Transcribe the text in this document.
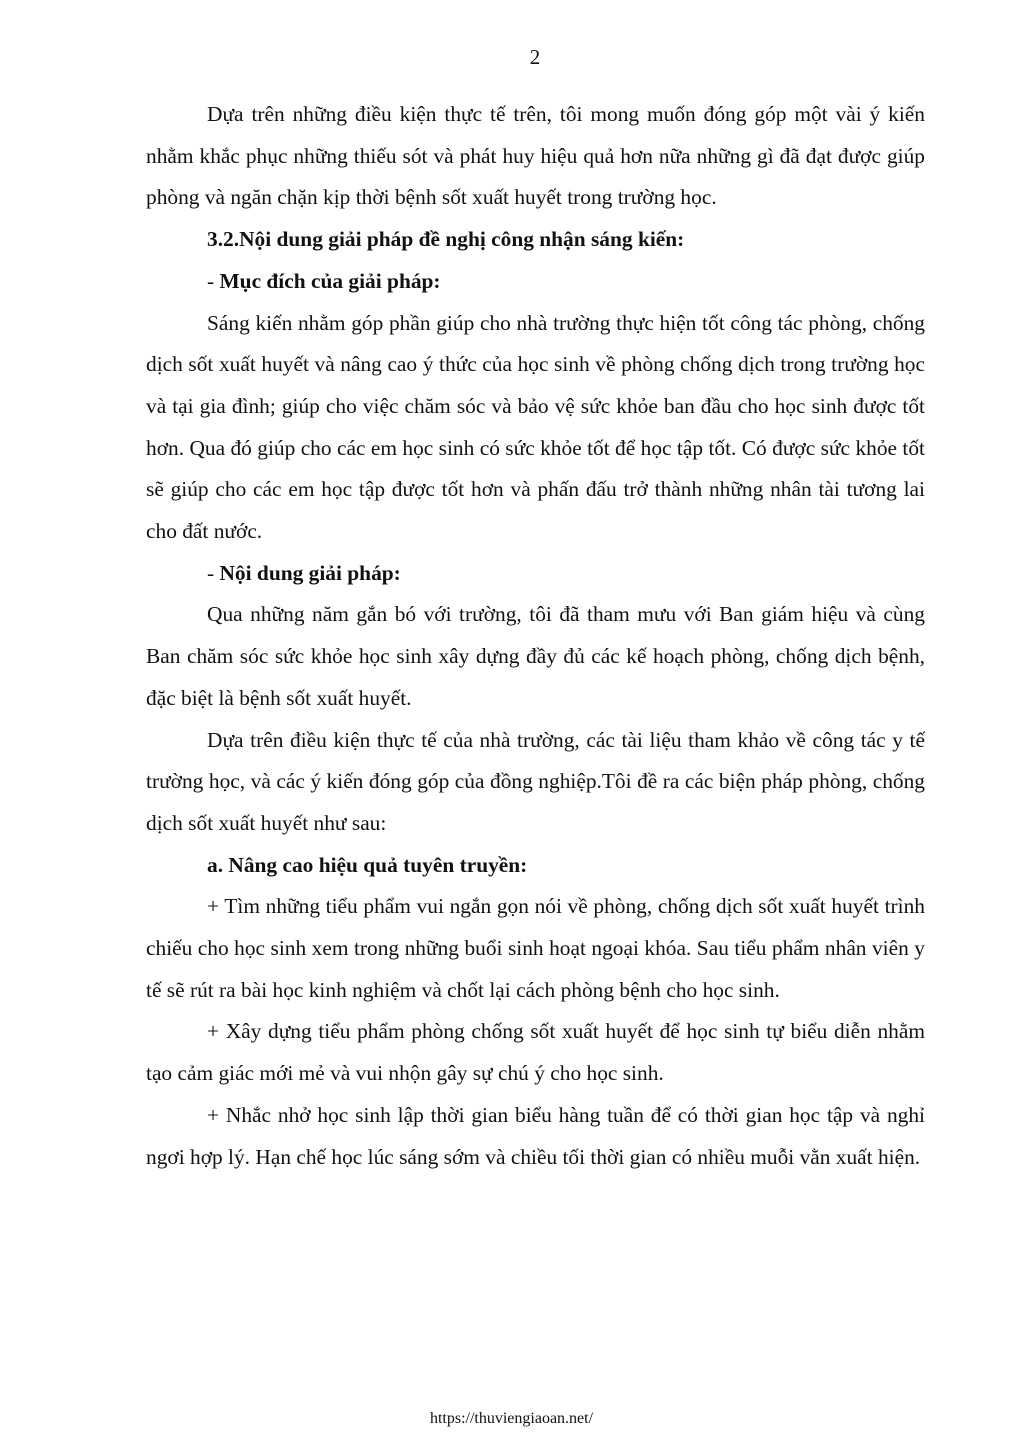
2

Dựa trên những điều kiện thực tế trên, tôi mong muốn đóng góp một vài ý kiến nhằm khắc phục những thiếu sót và phát huy hiệu quả hơn nữa những gì đã đạt được giúp phòng và ngăn chặn kịp thời bệnh sốt xuất huyết trong trường học.

3.2.Nội dung giải pháp đề nghị công nhận sáng kiến:

- Mục đích của giải pháp:

Sáng kiến nhằm góp phần giúp cho nhà trường thực hiện tốt công tác phòng, chống dịch sốt xuất huyết và nâng cao ý thức của học sinh về phòng chống dịch trong trường học và tại gia đình; giúp cho việc chăm sóc và bảo vệ sức khỏe ban đầu cho học sinh được tốt hơn. Qua đó giúp cho các em học sinh có sức khỏe tốt để học tập tốt. Có được sức khỏe tốt sẽ giúp cho các em học tập được tốt hơn và phấn đấu trở thành những nhân tài tương lai cho đất nước.

- Nội dung giải pháp:

Qua những năm gắn bó với trường, tôi đã tham mưu với Ban giám hiệu và cùng Ban chăm sóc sức khỏe học sinh xây dựng đầy đủ các kế hoạch phòng, chống dịch bệnh, đặc biệt là bệnh sốt xuất huyết.

Dựa trên điều kiện thực tế của nhà trường, các tài liệu tham khảo về công tác y tế trường học, và các ý kiến đóng góp của đồng nghiệp.Tôi đề ra các biện pháp phòng, chống dịch sốt xuất huyết như sau:

a. Nâng cao hiệu quả tuyên truyền:

+ Tìm những tiểu phẩm vui ngắn gọn nói về phòng, chống dịch sốt xuất huyết trình chiếu cho học sinh xem trong những buổi sinh hoạt ngoại khóa. Sau tiểu phẩm nhân viên y tế sẽ rút ra bài học kinh nghiệm và chốt lại cách phòng bệnh cho học sinh.

+ Xây dựng tiểu phẩm phòng chống sốt xuất huyết để học sinh tự biểu diễn nhằm tạo cảm giác mới mẻ và vui nhộn gây sự chú ý cho học sinh.

+ Nhắc nhở học sinh lập thời gian biểu hàng tuần để có thời gian học tập và nghỉ ngơi hợp lý. Hạn chế học lúc sáng sớm và chiều tối thời gian có nhiều muỗi vằn xuất hiện.

https://thuviengiaoan.net/
